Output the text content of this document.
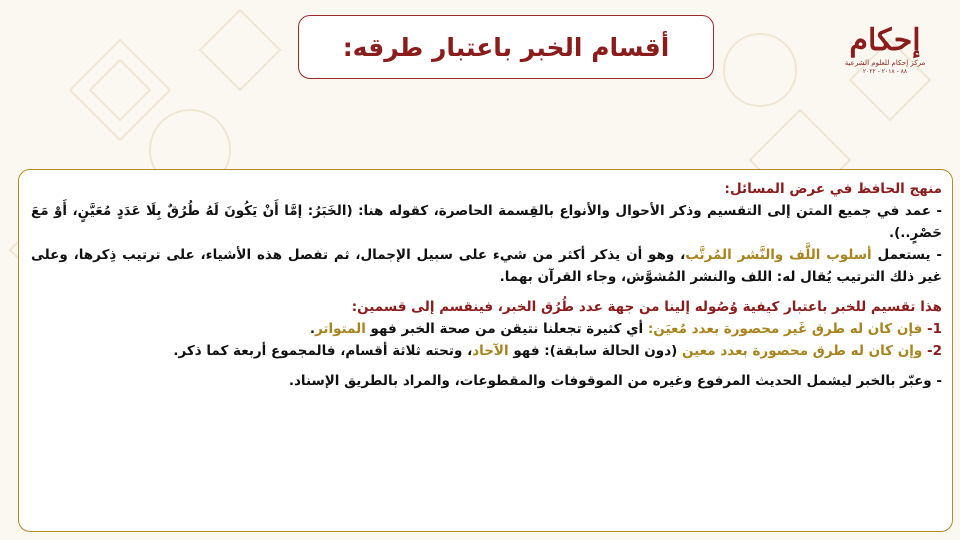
إحكام
مركز إحكام للعلوم الشرعية
٨٨ - ٢٠١٨ - ٢٠٢٢
أقسام الخبر باعتبار طرقه:

منهج الحافظ في عرض المسائل:

- عمد في جميع المتن إلى التقسيم وذكر الأحوال والأنواع بالقِسمة الحاصرة، كقوله هنا: (الخَبَرُ: إمَّا أَنْ يَكُونَ لَهُ طُرُقٌ بِلَا عَدَدٍ مُعَيَّنٍ، أَوْ مَعَ حَصْرٍ..).

- يستعمل أسلوب اللَّف والنَّشر المُرتَّب، وهو أن يذكر أكثر من شيء على سبيل الإجمال، ثم تفصل هذه الأشياء، على ترتيب ذِكرها، وعلى غير ذلك الترتيب يُقال له: اللف والنشر المُشوَّش، وجاء القرآن بهما.

هذا تقسيم للخبر باعتبار كيفية وُصُوله إلينا من جهة عدد طُرُق الخبر، فينقسم إلى قسمين:

1- فإن كان له طرق غَير محصورة بعدد مُعيَن: أي كثيرة تجعلنا نتيقن من صحة الخبر فهو المتواتر.

2- وإن كان له طرق محصورة بعدد معين (دون الحالة سابقة): فهو الآحاد، وتحته ثلاثة أقسام، فالمجموع أربعة كما ذكر.

- وعبّر بالخبر ليشمل الحديث المرفوع وغيره من الموقوفات والمقطوعات، والمراد بالطريق الإسناد.
